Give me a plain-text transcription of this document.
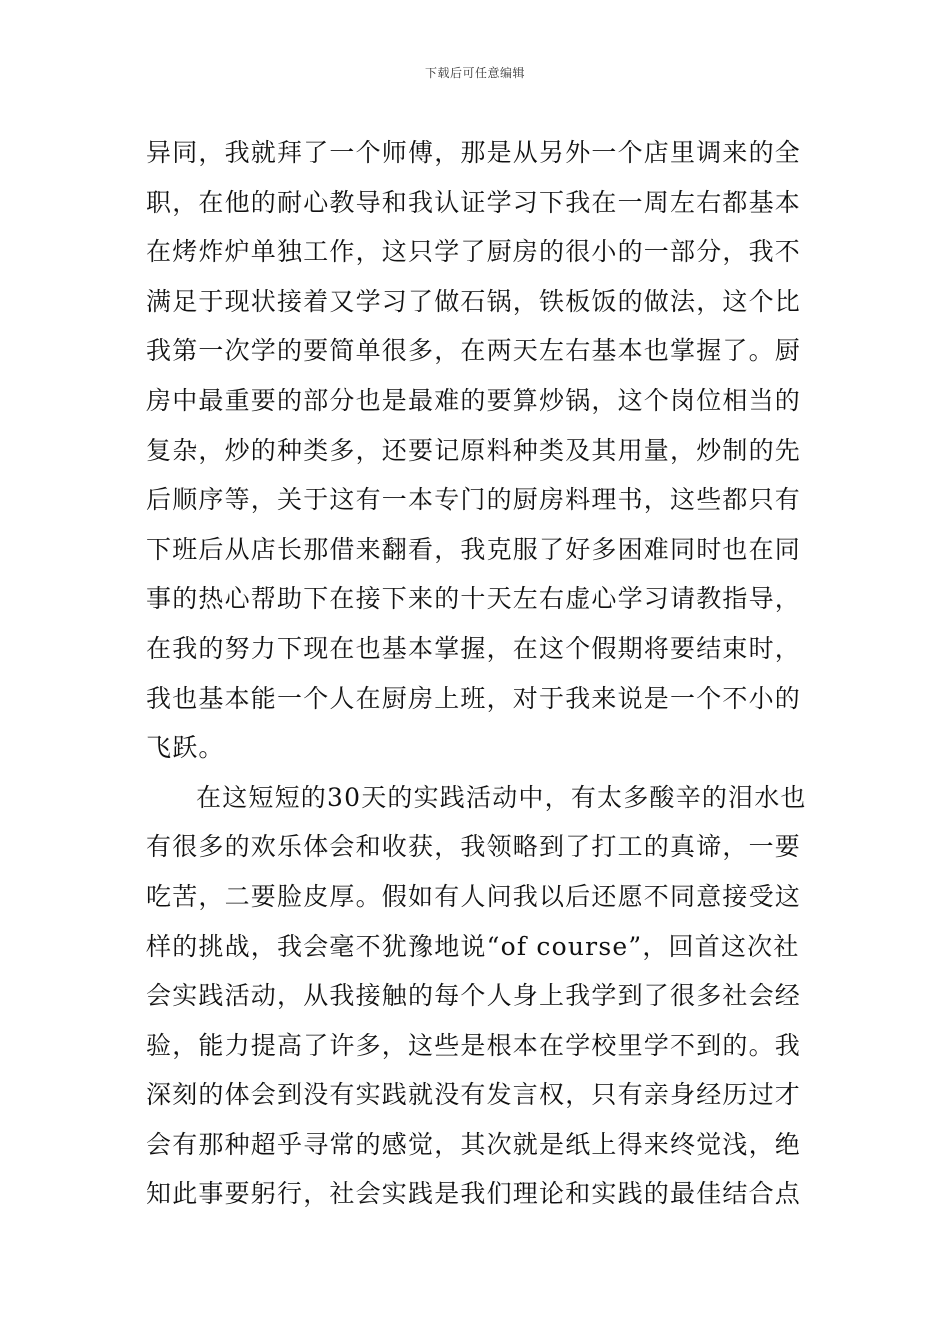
下载后可任意编辑
异同，我就拜了一个师傅，那是从另外一个店里调来的全
职，在他的耐心教导和我认证学习下我在一周左右都基本
在烤炸炉单独工作，这只学了厨房的很小的一部分，我不
满足于现状接着又学习了做石锅，铁板饭的做法，这个比
我第一次学的要简单很多，在两天左右基本也掌握了。厨
房中最重要的部分也是最难的要算炒锅，这个岗位相当的
复杂，炒的种类多，还要记原料种类及其用量，炒制的先
后顺序等，关于这有一本专门的厨房料理书，这些都只有
下班后从店长那借来翻看，我克服了好多困难同时也在同
事的热心帮助下在接下来的十天左右虚心学习请教指导，
在我的努力下现在也基本掌握，在这个假期将要结束时，
我也基本能一个人在厨房上班，对于我来说是一个不小的
飞跃。
在这短短的30天的实践活动中，有太多酸辛的泪水也
有很多的欢乐体会和收获，我领略到了打工的真谛，一要
吃苦，二要脸皮厚。假如有人问我以后还愿不同意接受这
样的挑战，我会毫不犹豫地说“of course”，回首这次社
会实践活动，从我接触的每个人身上我学到了很多社会经
验，能力提高了许多，这些是根本在学校里学不到的。我
深刻的体会到没有实践就没有发言权，只有亲身经历过才
会有那种超乎寻常的感觉，其次就是纸上得来终觉浅，绝
知此事要躬行，社会实践是我们理论和实践的最佳结合点
